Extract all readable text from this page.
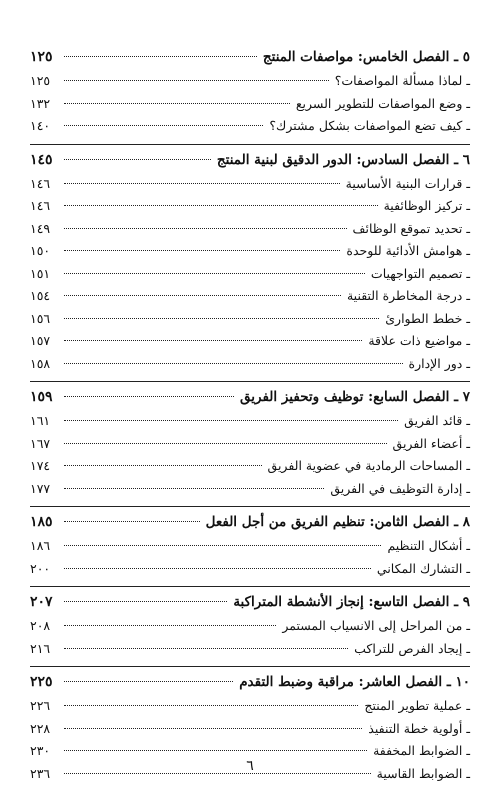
٥ ـ الفصل الخامس: مواصفات المنتج
١٢٥
ـ لماذا مسألة المواصفات؟
١٢٥
ـ وضع المواصفات للتطوير السريع
١٣٢
ـ كيف تضع المواصفات بشكل مشترك؟
١٤٠
٦ ـ الفصل السادس: الدور الدقيق لبنية المنتج
١٤٥
ـ قرارات البنية الأساسية
١٤٦
ـ تركيز الوظائفية
١٤٦
ـ تحديد تموقع الوظائف
١٤٩
ـ هوامش الأدائية للوحدة
١٥٠
ـ تصميم التواجهيات
١٥١
ـ درجة المخاطرة التقنية
١٥٤
ـ خطط الطوارئ
١٥٦
ـ مواضيع ذات علاقة
١٥٧
ـ دور الإدارة
١٥٨
٧ ـ الفصل السابع: توظيف وتحفيز الفريق
١٥٩
ـ قائد الفريق
١٦١
ـ أعضاء الفريق
١٦٧
ـ المساحات الرمادية في عضوية الفريق
١٧٤
ـ إدارة التوظيف في الفريق
١٧٧
٨ ـ الفصل الثامن: تنظيم الفريق من أجل الفعل
١٨٥
ـ أشكال التنظيم
١٨٦
ـ التشارك المكاني
٢٠٠
٩ ـ الفصل التاسع: إنجاز الأنشطة المتراكبة
٢٠٧
ـ من المراحل إلى الانسياب المستمر
٢٠٨
ـ إيجاد الفرص للتراكب
٢١٦
١٠ ـ الفصل العاشر: مراقبة وضبط التقدم
٢٢٥
ـ عملية تطوير المنتج
٢٢٦
ـ أولوية خطة التنفيذ
٢٢٨
ـ الضوابط المخففة
٢٣٠
ـ الضوابط القاسية
٢٣٦	٦
